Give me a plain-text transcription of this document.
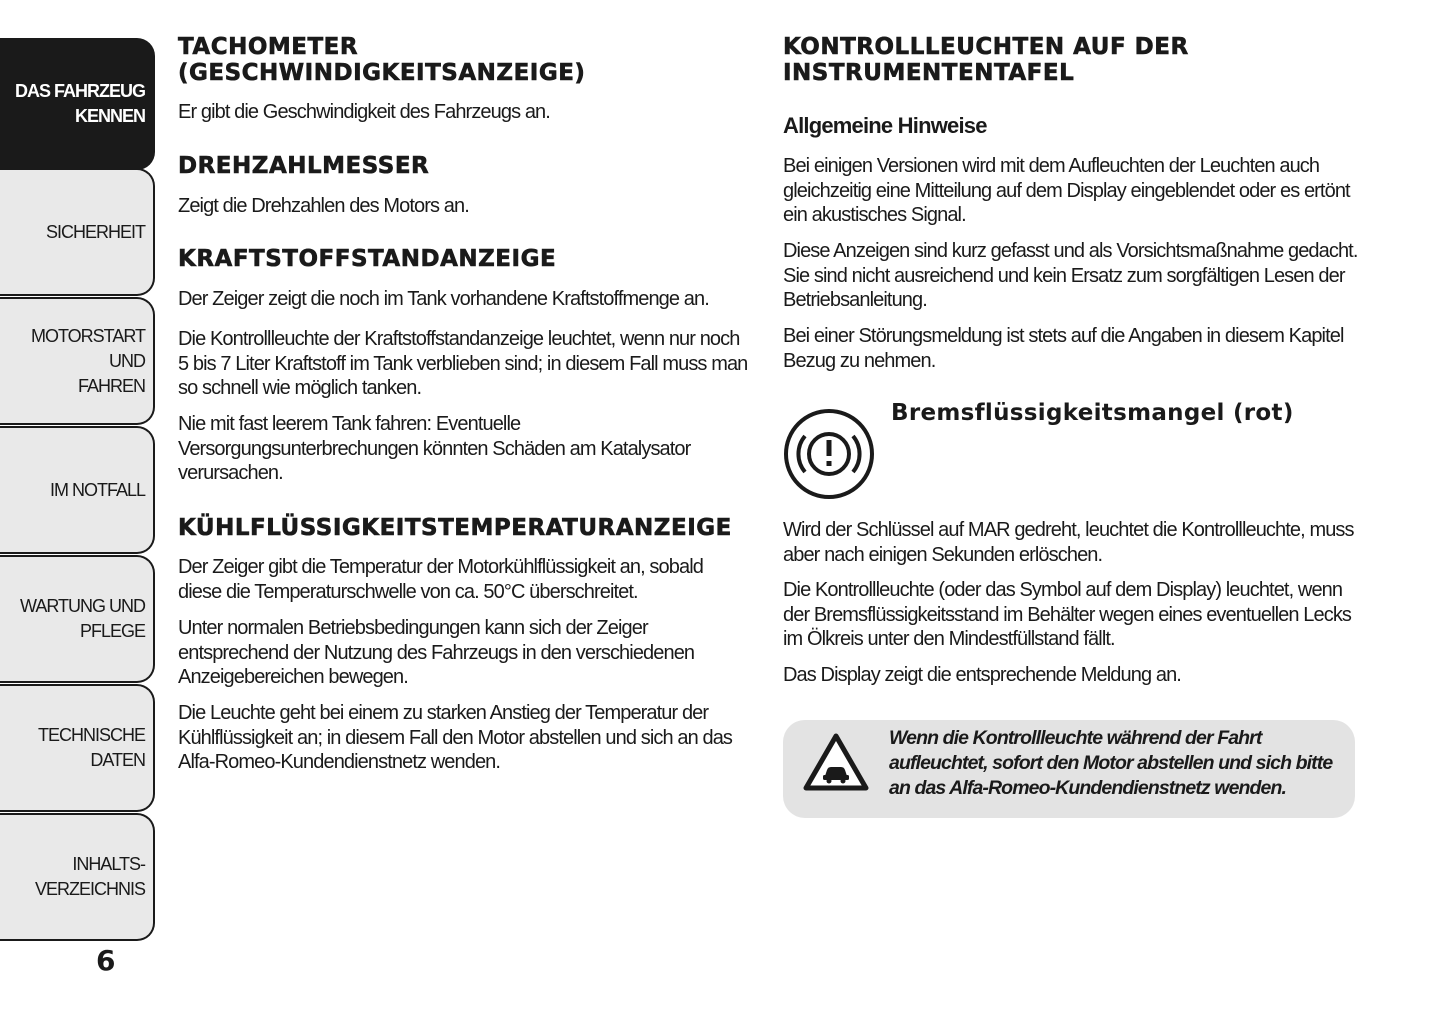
DAS FAHRZEUG
KENNEN
SICHERHEIT
MOTORSTART UND
FAHREN
IM NOTFALL
WARTUNG UND
PFLEGE
TECHNISCHE DATEN
INHALTS-
VERZEICHNIS
6
TACHOMETER
(GESCHWINDIGKEITSANZEIGE)

Er gibt die Geschwindigkeit des Fahrzeugs an.

DREHZAHLMESSER

Zeigt die Drehzahlen des Motors an.

KRAFTSTOFFSTANDANZEIGE

Der Zeiger zeigt die noch im Tank vorhandene Kraftstoffmenge an.

Die Kontrollleuchte der Kraftstoffstandanzeige leuchtet, wenn nur noch 5 bis 7 Liter Kraftstoff im Tank verblieben sind; in diesem Fall muss man so schnell wie möglich tanken.

Nie mit fast leerem Tank fahren: Eventuelle Versorgungsunterbrechungen könnten Schäden am Katalysator verursachen.

KÜHLFLÜSSIGKEITSTEMPERATURANZEIGE

Der Zeiger gibt die Temperatur der Motorkühlflüssigkeit an, sobald diese die Temperaturschwelle von ca. 50°C überschreitet.

Unter normalen Betriebsbedingungen kann sich der Zeiger entsprechend der Nutzung des Fahrzeugs in den verschiedenen Anzeigebereichen bewegen.

Die Leuchte geht bei einem zu starken Anstieg der Temperatur der Kühlflüssigkeit an; in diesem Fall den Motor abstellen und sich an das Alfa-Romeo-Kundendienstnetz wenden.

KONTROLLLEUCHTEN AUF DER
INSTRUMENTENTAFEL
Allgemeine Hinweise

Bei einigen Versionen wird mit dem Aufleuchten der Leuchten auch gleichzeitig eine Mitteilung auf dem Display eingeblendet oder es ertönt ein akustisches Signal.

Diese Anzeigen sind kurz gefasst und als Vorsichtsmaßnahme gedacht. Sie sind nicht ausreichend und kein Ersatz zum sorgfältigen Lesen der Betriebsanleitung.

Bei einer Störungsmeldung ist stets auf die Angaben in diesem Kapitel Bezug zu nehmen.

Bremsflüssigkeitsmangel (rot)

Wird der Schlüssel auf MAR gedreht, leuchtet die Kontrollleuchte, muss aber nach einigen Sekunden erlöschen.

Die Kontrollleuchte (oder das Symbol auf dem Display) leuchtet, wenn der Bremsflüssigkeitsstand im Behälter wegen eines eventuellen Lecks im Ölkreis unter den Mindestfüllstand fällt.

Das Display zeigt die entsprechende Meldung an.

Wenn die Kontrollleuchte während der Fahrt aufleuchtet, sofort den Motor abstellen und sich bitte an das Alfa-Romeo-Kundendienstnetz wenden.
